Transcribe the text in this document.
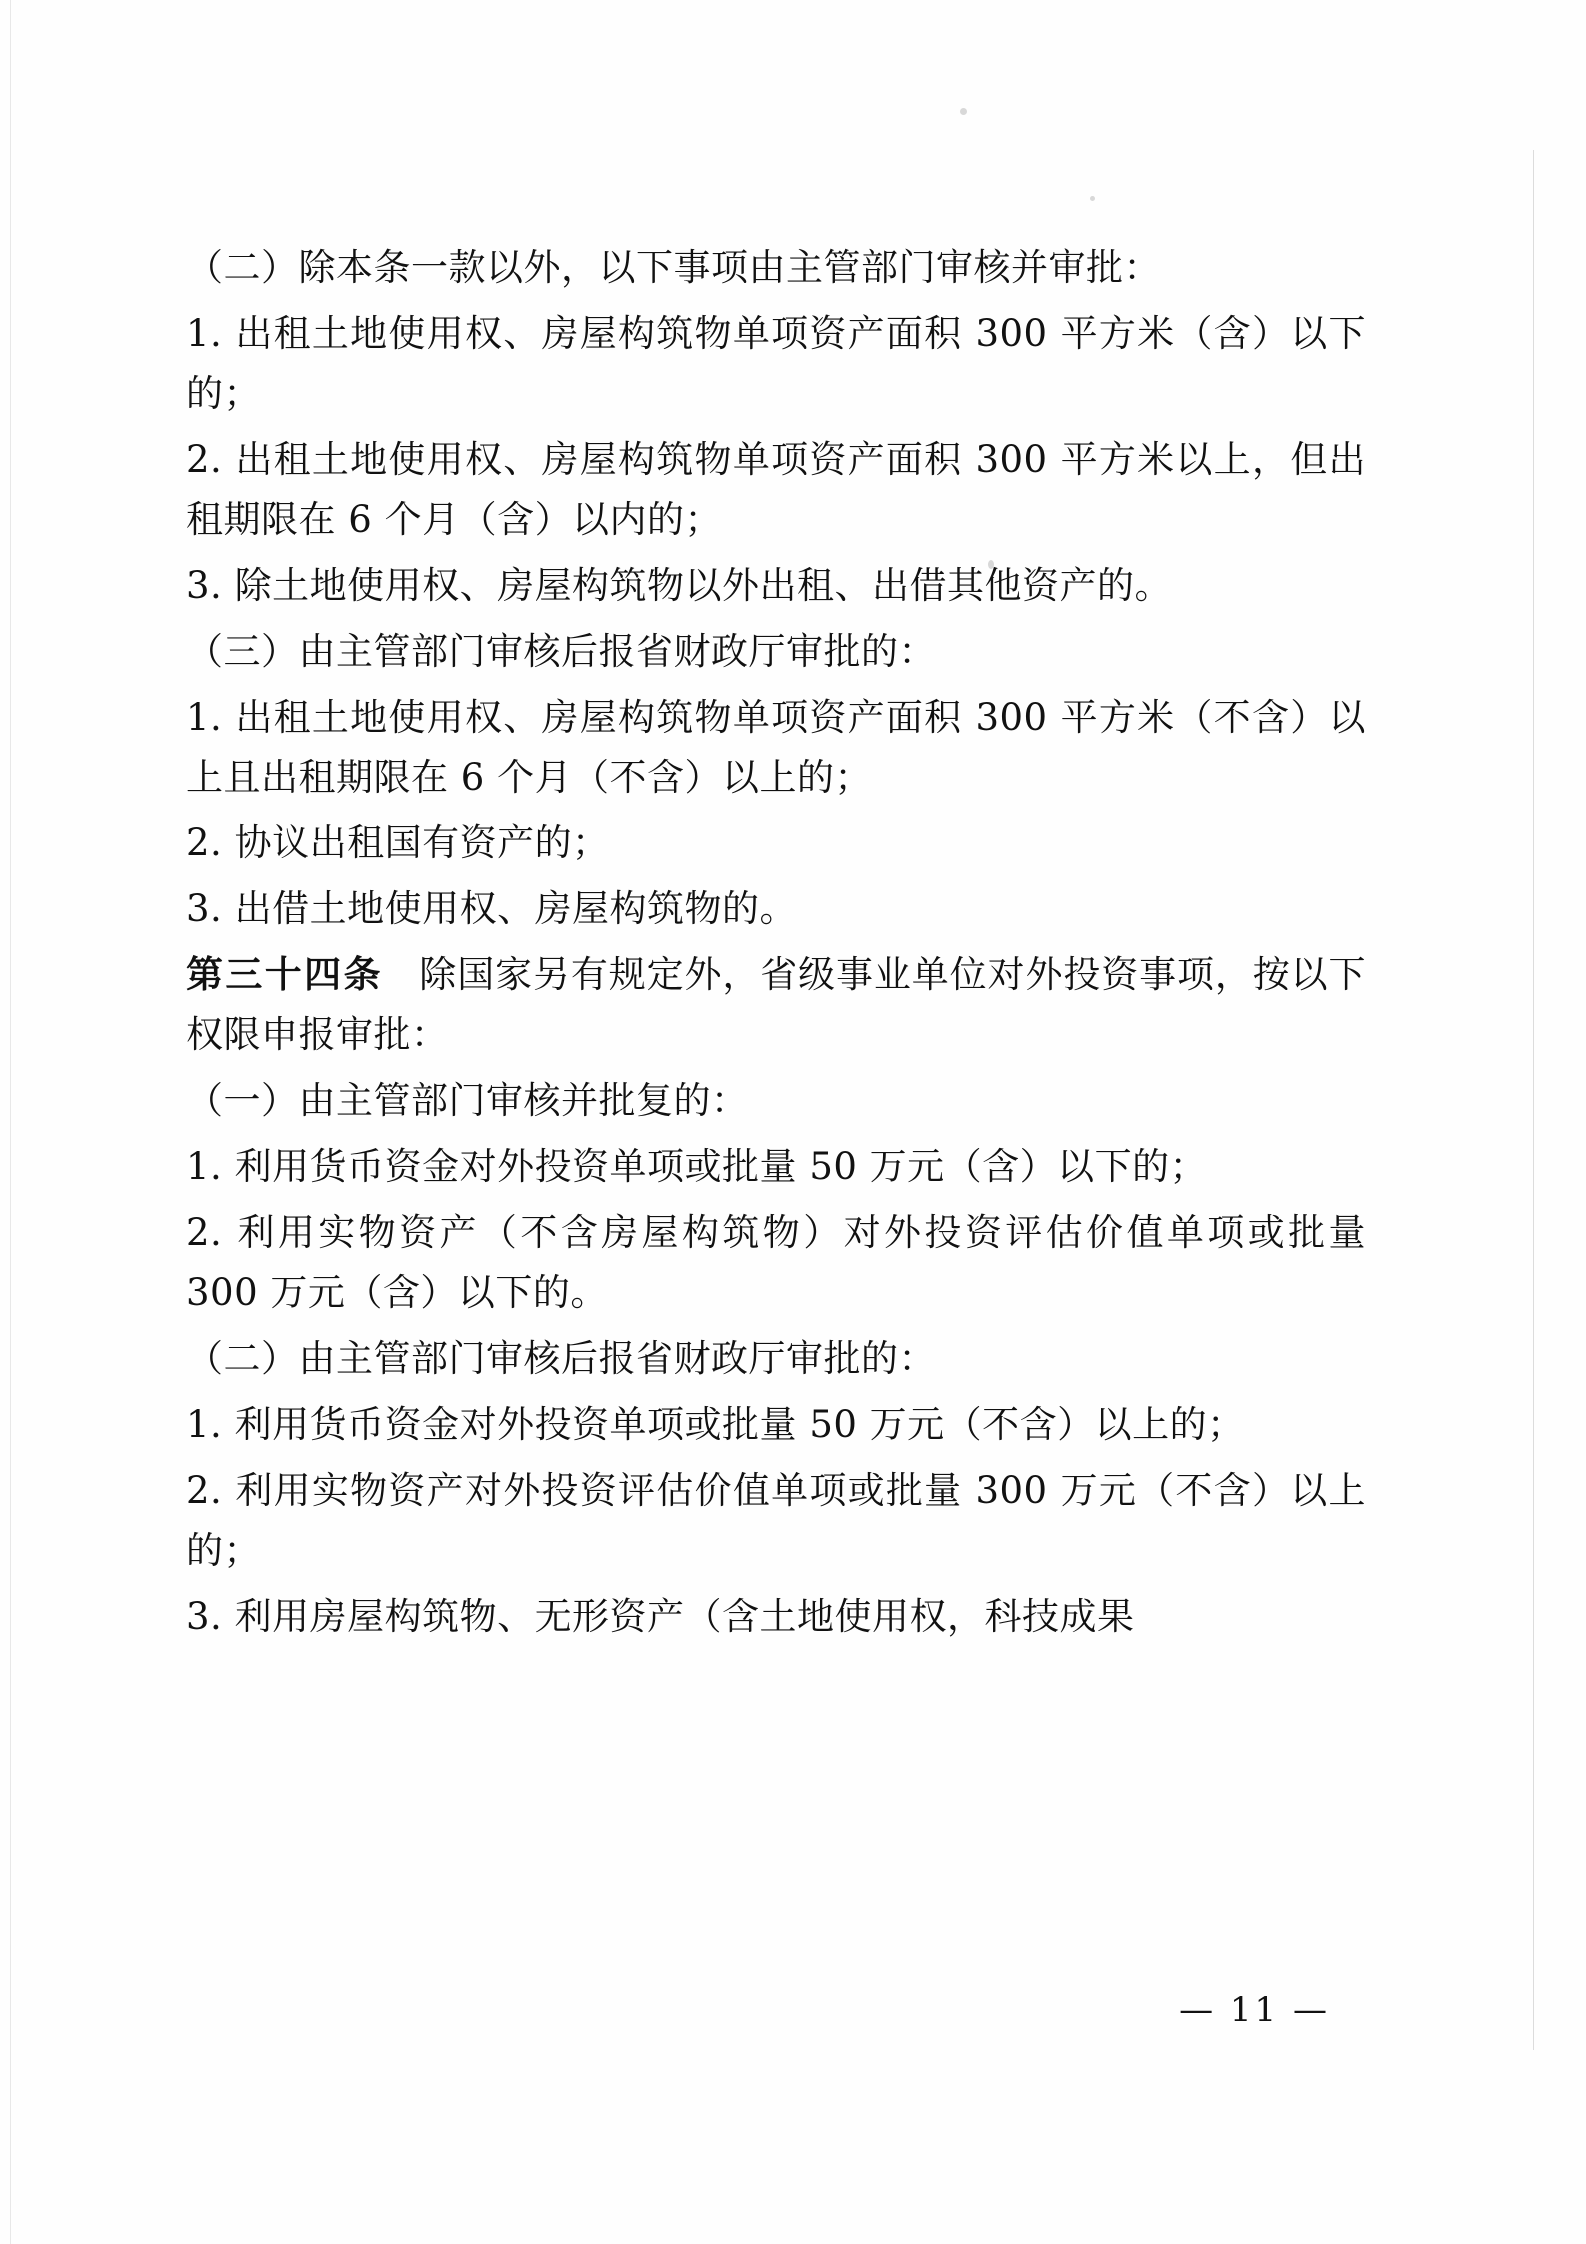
（二）除本条一款以外，以下事项由主管部门审核并审批：

1. 出租土地使用权、房屋构筑物单项资产面积 300 平方米（含）以下的；

2. 出租土地使用权、房屋构筑物单项资产面积 300 平方米以上，但出租期限在 6 个月（含）以内的；

3. 除土地使用权、房屋构筑物以外出租、出借其他资产的。

（三）由主管部门审核后报省财政厅审批的：

1. 出租土地使用权、房屋构筑物单项资产面积 300 平方米（不含）以上且出租期限在 6 个月（不含）以上的；

2. 协议出租国有资产的；

3. 出借土地使用权、房屋构筑物的。

第三十四条 除国家另有规定外，省级事业单位对外投资事项，按以下权限申报审批：

（一）由主管部门审核并批复的：

1. 利用货币资金对外投资单项或批量 50 万元（含）以下的；

2. 利用实物资产（不含房屋构筑物）对外投资评估价值单项或批量 300 万元（含）以下的。

（二）由主管部门审核后报省财政厅审批的：

1. 利用货币资金对外投资单项或批量 50 万元（不含）以上的；

2. 利用实物资产对外投资评估价值单项或批量 300 万元（不含）以上的；

3. 利用房屋构筑物、无形资产（含土地使用权，科技成果

— 11 —
